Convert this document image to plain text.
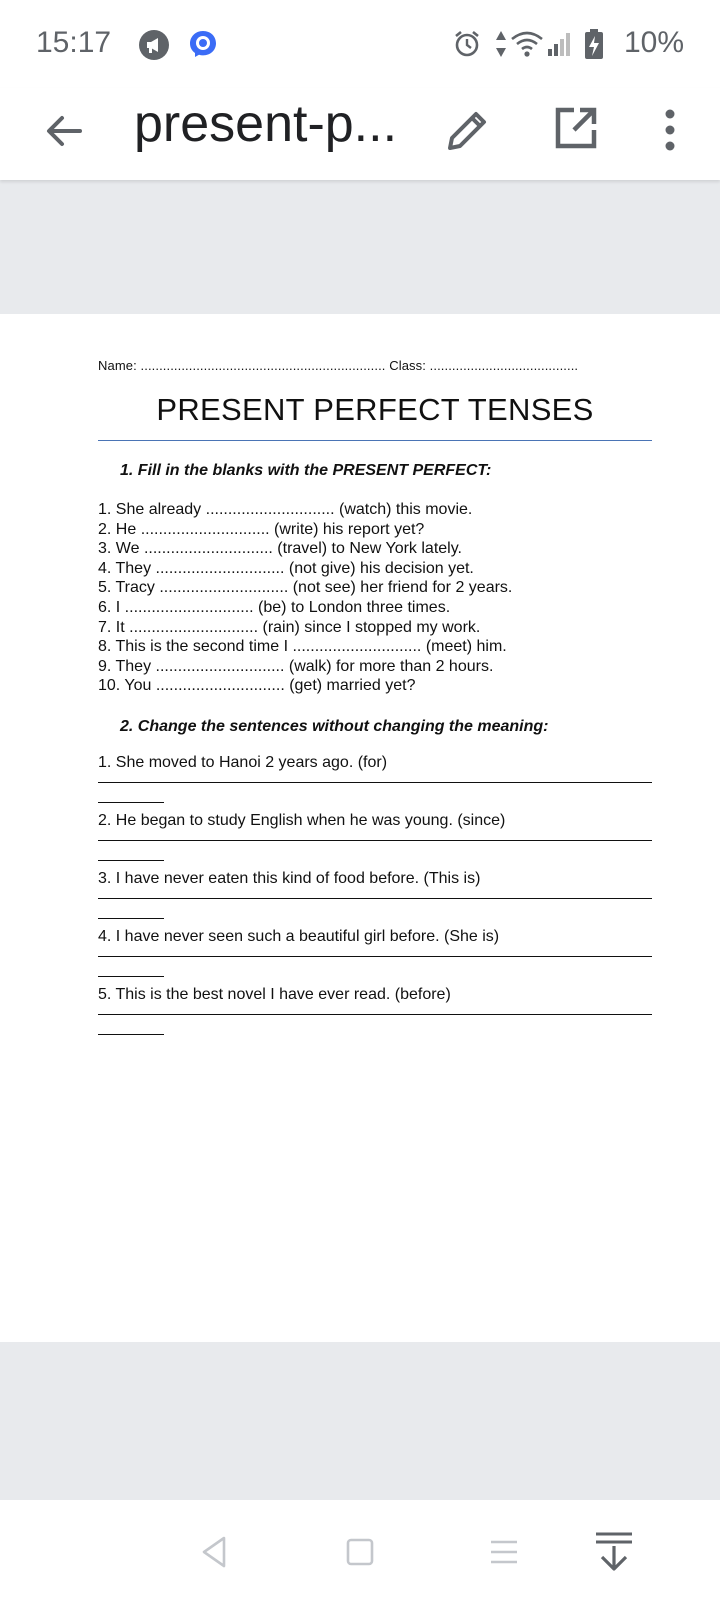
15:17	10%
present-p...
Name: .................................................................. Class: ........................................
PRESENT PERFECT TENSES
1. Fill in the blanks with the PRESENT PERFECT:
1. She already ............................. (watch) this movie.
2. He ............................. (write) his report yet?
3. We ............................. (travel) to New York lately.
4. They ............................. (not give) his decision yet.
5. Tracy ............................. (not see) her friend for 2 years.
6. I ............................. (be) to London three times.
7. It ............................. (rain) since I stopped my work.
8. This is the second time I ............................. (meet) him.
9. They ............................. (walk) for more than 2 hours.
10. You ............................. (get) married yet?
2. Change the sentences without changing the meaning:
1. She moved to Hanoi 2 years ago. (for)
2. He began to study English when he was young. (since)
3. I have never eaten this kind of food before. (This is)
4. I have never seen such a beautiful girl before. (She is)
5. This is the best novel I have ever read. (before)
